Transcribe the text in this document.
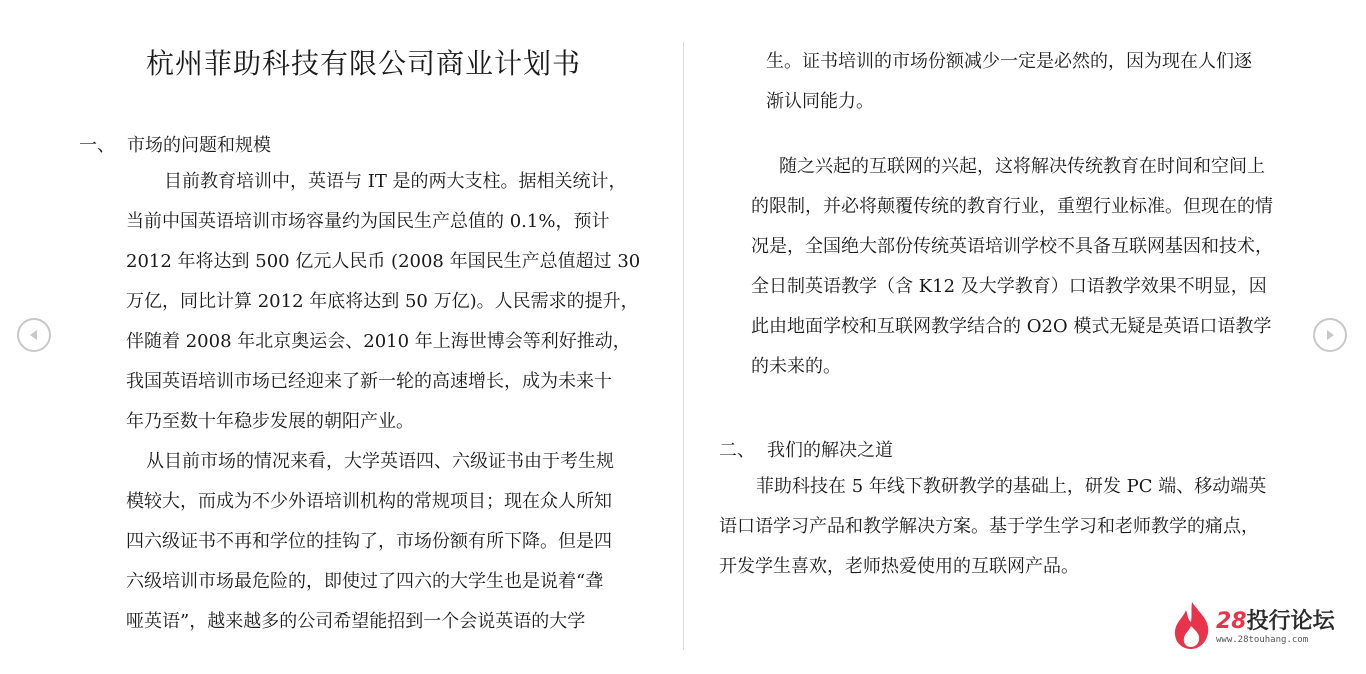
杭州菲助科技有限公司商业计划书
一、 市场的问题和规模
目前教育培训中，英语与 IT 是的两大支柱。据相关统计，
当前中国英语培训市场容量约为国民生产总值的 0.1%，预计
2012 年将达到 500 亿元人民币 (2008 年国民生产总值超过 30
万亿，同比计算 2012 年底将达到 50 万亿)。人民需求的提升，
伴随着 2008 年北京奥运会、2010 年上海世博会等利好推动，
我国英语培训市场已经迎来了新一轮的高速增长，成为未来十
年乃至数十年稳步发展的朝阳产业。
从目前市场的情况来看，大学英语四、六级证书由于考生规
模较大，而成为不少外语培训机构的常规项目；现在众人所知
四六级证书不再和学位的挂钩了，市场份额有所下降。但是四
六级培训市场最危险的，即使过了四六的大学生也是说着“聋
哑英语”，越来越多的公司希望能招到一个会说英语的大学
生。证书培训的市场份额减少一定是必然的，因为现在人们逐
渐认同能力。
随之兴起的互联网的兴起，这将解决传统教育在时间和空间上
的限制，并必将颠覆传统的教育行业，重塑行业标准。但现在的情
况是，全国绝大部份传统英语培训学校不具备互联网基因和技术，
全日制英语教学（含 K12 及大学教育）口语教学效果不明显，因
此由地面学校和互联网教学结合的 O2O 模式无疑是英语口语教学
的未来的。
二、 我们的解决之道
菲助科技在 5 年线下教研教学的基础上，研发 PC 端、移动端英
语口语学习产品和教学解决方案。基于学生学习和老师教学的痛点，
开发学生喜欢，老师热爱使用的互联网产品。
28投行论坛
www.28touhang.com
